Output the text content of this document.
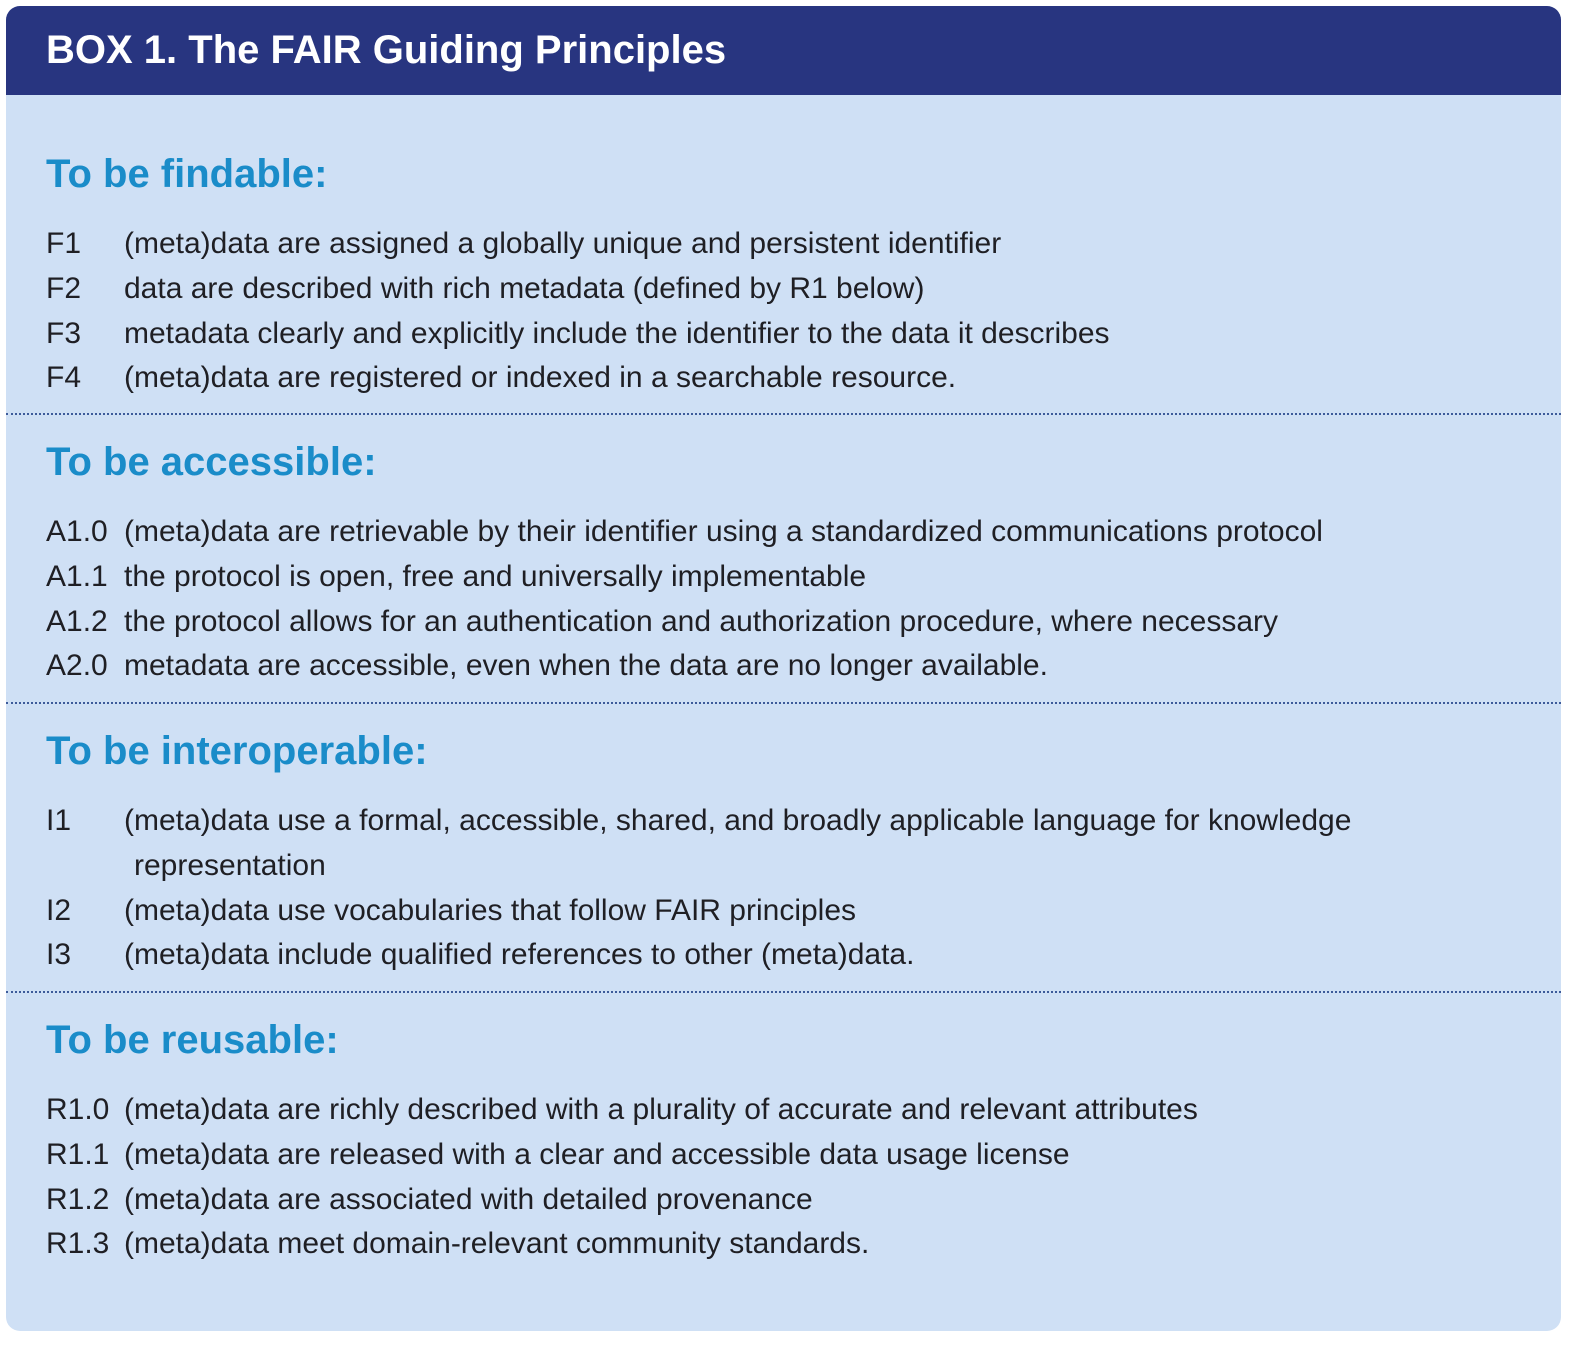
BOX 1. The FAIR Guiding Principles
To be findable:
F1	(meta)data are assigned a globally unique and persistent identifier
F2	data are described with rich metadata (defined by R1 below)
F3	metadata clearly and explicitly include the identifier to the data it describes
F4	(meta)data are registered or indexed in a searchable resource.
To be accessible:
A1.0 (meta)data are retrievable by their identifier using a standardized communications protocol
A1.1 the protocol is open, free and universally implementable
A1.2 the protocol allows for an authentication and authorization procedure, where necessary
A2.0 metadata are accessible, even when the data are no longer available.
To be interoperable:
I1	(meta)data use a formal, accessible, shared, and broadly applicable language for knowledge
representation
I2	(meta)data use vocabularies that follow FAIR principles
I3	(meta)data include qualified references to other (meta)data.
To be reusable:
R1.0 (meta)data are richly described with a plurality of accurate and relevant attributes
R1.1 (meta)data are released with a clear and accessible data usage license
R1.2 (meta)data are associated with detailed provenance
R1.3 (meta)data meet domain-relevant community standards.
